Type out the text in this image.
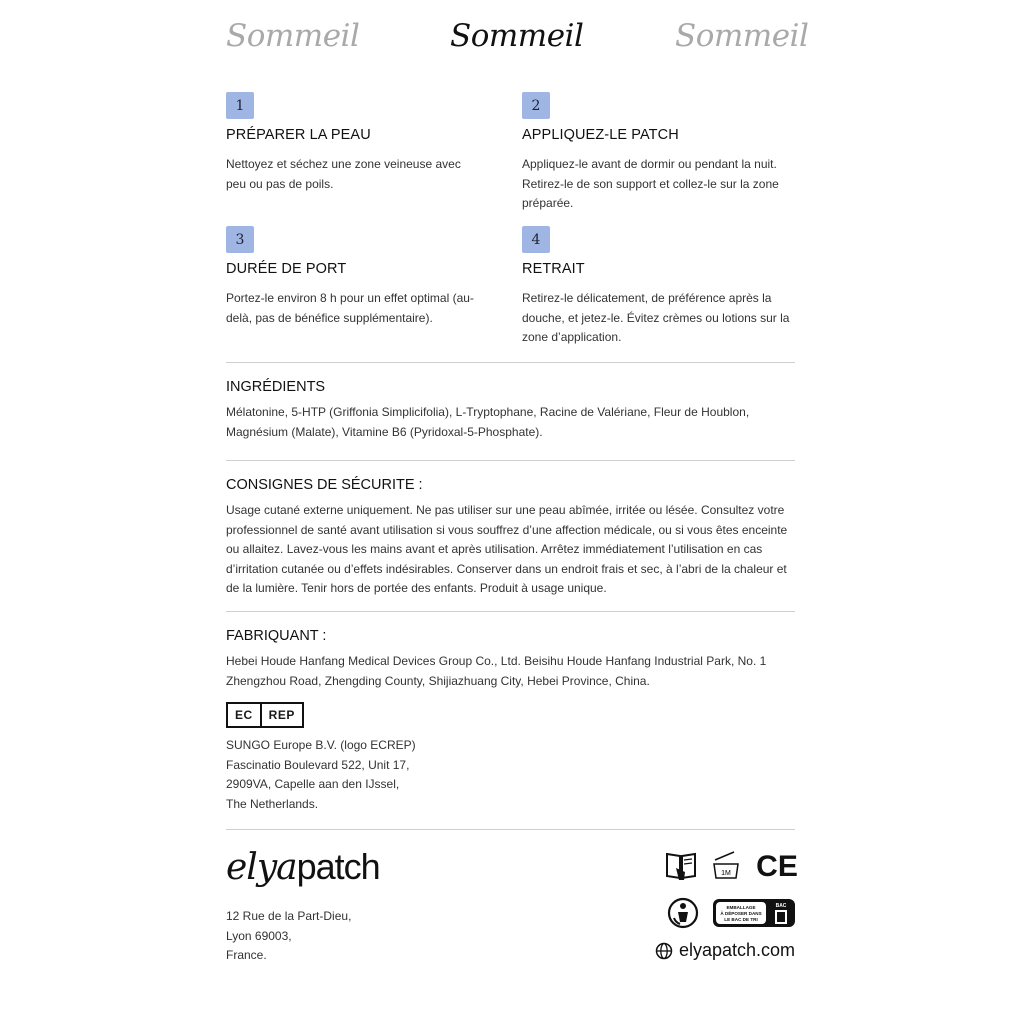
Sommeil	Sommeil	Sommeil
1
PRÉPARER LA PEAU
Nettoyez et séchez une zone veineuse avec peu ou pas de poils.
2
APPLIQUEZ-LE PATCH
Appliquez-le avant de dormir ou pendant la nuit. Retirez-le de son support et collez-le sur la zone préparée.
3
DURÉE DE PORT
Portez-le environ 8 h pour un effet optimal (au-delà, pas de bénéfice supplémentaire).
4
RETRAIT
Retirez-le délicatement, de préférence après la douche, et jetez-le. Évitez crèmes ou lotions sur la zone d’application.
INGRÉDIENTS
Mélatonine, 5-HTP (Griffonia Simplicifolia), L-Tryptophane, Racine de Valériane, Fleur de Houblon, Magnésium (Malate), Vitamine B6 (Pyridoxal-5-Phosphate).
CONSIGNES DE SÉCURITE :
Usage cutané externe uniquement. Ne pas utiliser sur une peau abîmée, irritée ou lésée. Consultez votre professionnel de santé avant utilisation si vous souffrez d’une affection médicale, ou si vous êtes enceinte ou allaitez. Lavez-vous les mains avant et après utilisation. Arrêtez immédiatement l’utilisation en cas d’irritation cutanée ou d’effets indésirables. Conserver dans un endroit frais et sec, à l’abri de la chaleur et de la lumière. Tenir hors de portée des enfants. Produit à usage unique.
FABRIQUANT :
Hebei Houde Hanfang Medical Devices Group Co., Ltd. Beisihu Houde Hanfang Industrial Park, No. 1 Zhengzhou Road, Zhengding County, Shijiazhuang City, Hebei Province, China.
EC	REP
SUNGO Europe B.V. (logo ECREP)
Fascinatio Boulevard 522, Unit 17,
2909VA, Capelle aan den IJssel,
The Netherlands.
elyapatch
12 Rue de la Part-Dieu,
Lyon 69003,
France.
1M CE
EMBALLAGE
À DÉPOSER DANS
LE BAC DE TRI
BAC
elyapatch.com
